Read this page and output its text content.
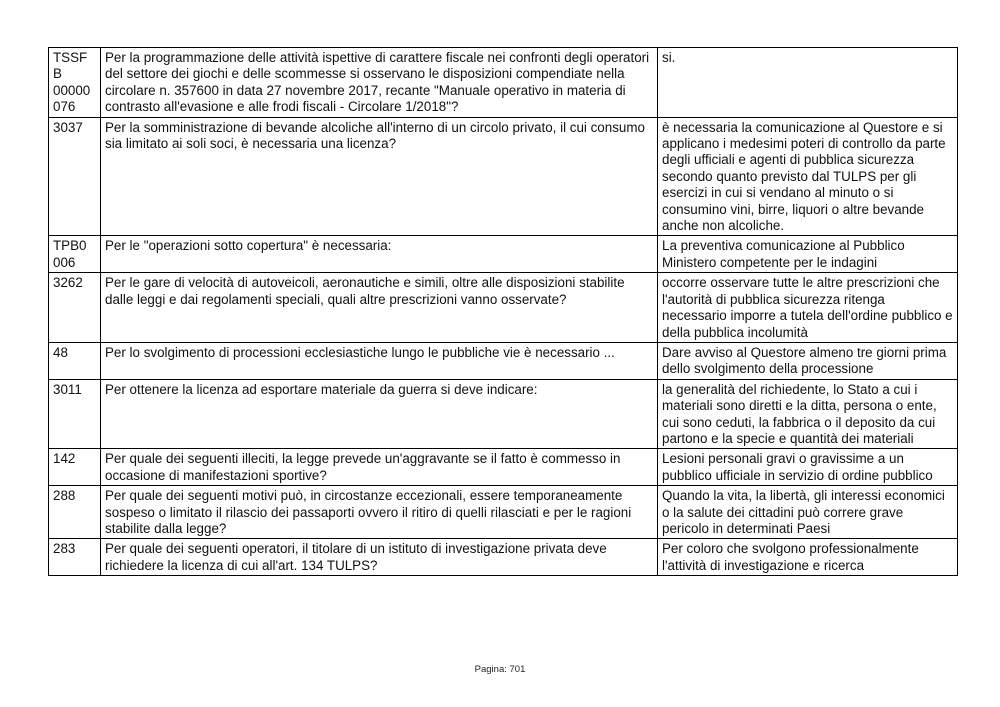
TSSFB 00000 076	Per la programmazione delle attività ispettive di carattere fiscale nei confronti degli operatori del settore dei giochi e delle scommesse si osservano le disposizioni compendiate nella circolare n. 357600 in data 27 novembre 2017, recante "Manuale operativo in materia di contrasto all'evasione e alle frodi fiscali - Circolare 1/2018"?	si.
3037	Per la somministrazione di bevande alcoliche all'interno di un circolo privato, il cui consumo sia limitato ai soli soci, è necessaria una licenza?	è necessaria la comunicazione al Questore e si applicano i medesimi poteri di controllo da parte degli ufficiali e agenti di pubblica sicurezza secondo quanto previsto dal TULPS per gli esercizi in cui si vendano al minuto o si consumino vini, birre, liquori o altre bevande anche non alcoliche.
TPB0 006	Per le "operazioni sotto copertura" è necessaria:	La preventiva comunicazione al Pubblico Ministero competente per le indagini
3262	Per le gare di velocità di autoveicoli, aeronautiche e simili, oltre alle disposizioni stabilite dalle leggi e dai regolamenti speciali, quali altre prescrizioni vanno osservate?	occorre osservare tutte le altre prescrizioni che l'autorità di pubblica sicurezza ritenga necessario imporre a tutela dell'ordine pubblico e della pubblica incolumità
48	Per lo svolgimento di processioni ecclesiastiche lungo le pubbliche vie è necessario ...	Dare avviso al Questore almeno tre giorni prima dello svolgimento della processione
3011	Per ottenere la licenza ad esportare materiale da guerra si deve indicare:	la generalità del richiedente, lo Stato a cui i materiali sono diretti e la ditta, persona o ente, cui sono ceduti, la fabbrica o il deposito da cui partono e la specie e quantità dei materiali
142	Per quale dei seguenti illeciti, la legge prevede un'aggravante se il fatto è commesso in occasione di manifestazioni sportive?	Lesioni personali gravi o gravissime a un pubblico ufficiale in servizio di ordine pubblico
288	Per quale dei seguenti motivi può, in circostanze eccezionali, essere temporaneamente sospeso o limitato il rilascio dei passaporti ovvero il ritiro di quelli rilasciati e per le ragioni stabilite dalla legge?	Quando la vita, la libertà, gli interessi economici o la salute dei cittadini può correre grave pericolo in determinati Paesi
283	Per quale dei seguenti operatori, il titolare di un istituto di investigazione privata deve richiedere la licenza di cui all'art. 134 TULPS?	Per coloro che svolgono professionalmente l'attività di investigazione e ricerca
Pagina: 701
